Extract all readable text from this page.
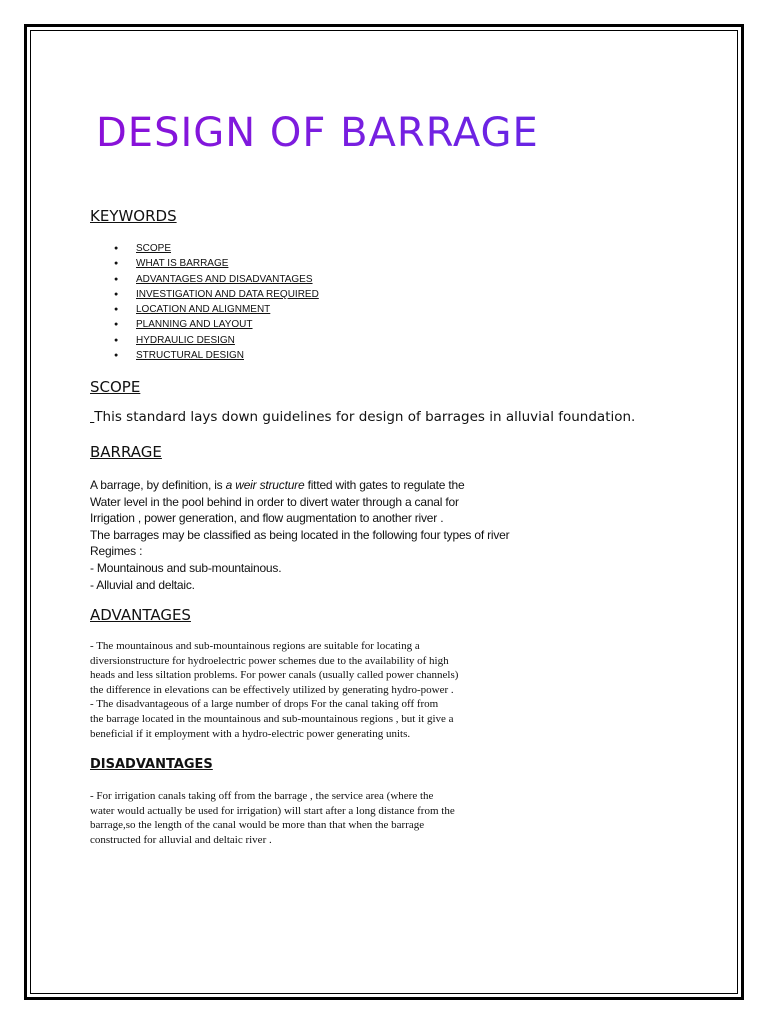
DESIGN OF BARRAGE
KEYWORDS
● SCOPE
● WHAT IS BARRAGE
● ADVANTAGES AND DISADVANTAGES
● INVESTIGATION AND DATA REQUIRED
● LOCATION AND ALIGNMENT
● PLANNING AND LAYOUT
● HYDRAULIC DESIGN
● STRUCTURAL DESIGN
SCOPE

This standard lays down guidelines for design of barrages in alluvial foundation.

BARRAGE
A barrage, by definition, is a weir structure fitted with gates to regulate the
Water level in the pool behind in order to divert water through a canal for
Irrigation , power generation, and flow augmentation to another river .
The barrages may be classified as being located in the following four types of river
Regimes :
- Mountainous and sub-mountainous.
- Alluvial and deltaic.
ADVANTAGES
- The mountainous and sub-mountainous regions are suitable for locating a
diversionstructure for hydroelectric power schemes due to the availability of high
heads and less siltation problems. For power canals (usually called power channels)
the difference in elevations can be effectively utilized by generating hydro-power .
- The disadvantageous of a large number of drops For the canal taking off from
the barrage located in the mountainous and sub-mountainous regions , but it give a
beneficial if it employment with a hydro-electric power generating units.
DISADVANTAGES
- For irrigation canals taking off from the barrage , the service area (where the
water would actually be used for irrigation) will start after a long distance from the
barrage,so the length of the canal would be more than that when the barrage
constructed for alluvial and deltaic river .
